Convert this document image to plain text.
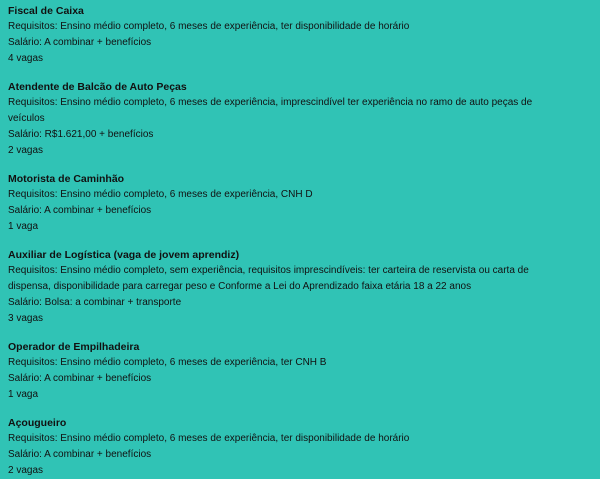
Fiscal de Caixa

Requisitos: Ensino médio completo, 6 meses de experiência, ter disponibilidade de horário

Salário: A combinar + benefícios

4 vagas

Atendente de Balcão de Auto Peças

Requisitos: Ensino médio completo, 6 meses de experiência, imprescindível ter experiência no ramo de auto peças de veículos

Salário: R$1.621,00 + benefícios

2 vagas

Motorista de Caminhão

Requisitos: Ensino médio completo, 6 meses de experiência, CNH D

Salário: A combinar + benefícios

1 vaga

Auxiliar de Logística (vaga de jovem aprendiz)

Requisitos: Ensino médio completo, sem experiência, requisitos imprescindíveis: ter carteira de reservista ou carta de dispensa, disponibilidade para carregar peso e Conforme a Lei do Aprendizado faixa etária 18 a 22 anos

Salário: Bolsa: a combinar + transporte

3 vagas

Operador de Empilhadeira

Requisitos: Ensino médio completo, 6 meses de experiência, ter CNH B

Salário: A combinar + benefícios

1 vaga

Açougueiro

Requisitos: Ensino médio completo, 6 meses de experiência, ter disponibilidade de horário

Salário: A combinar + benefícios

2 vagas
